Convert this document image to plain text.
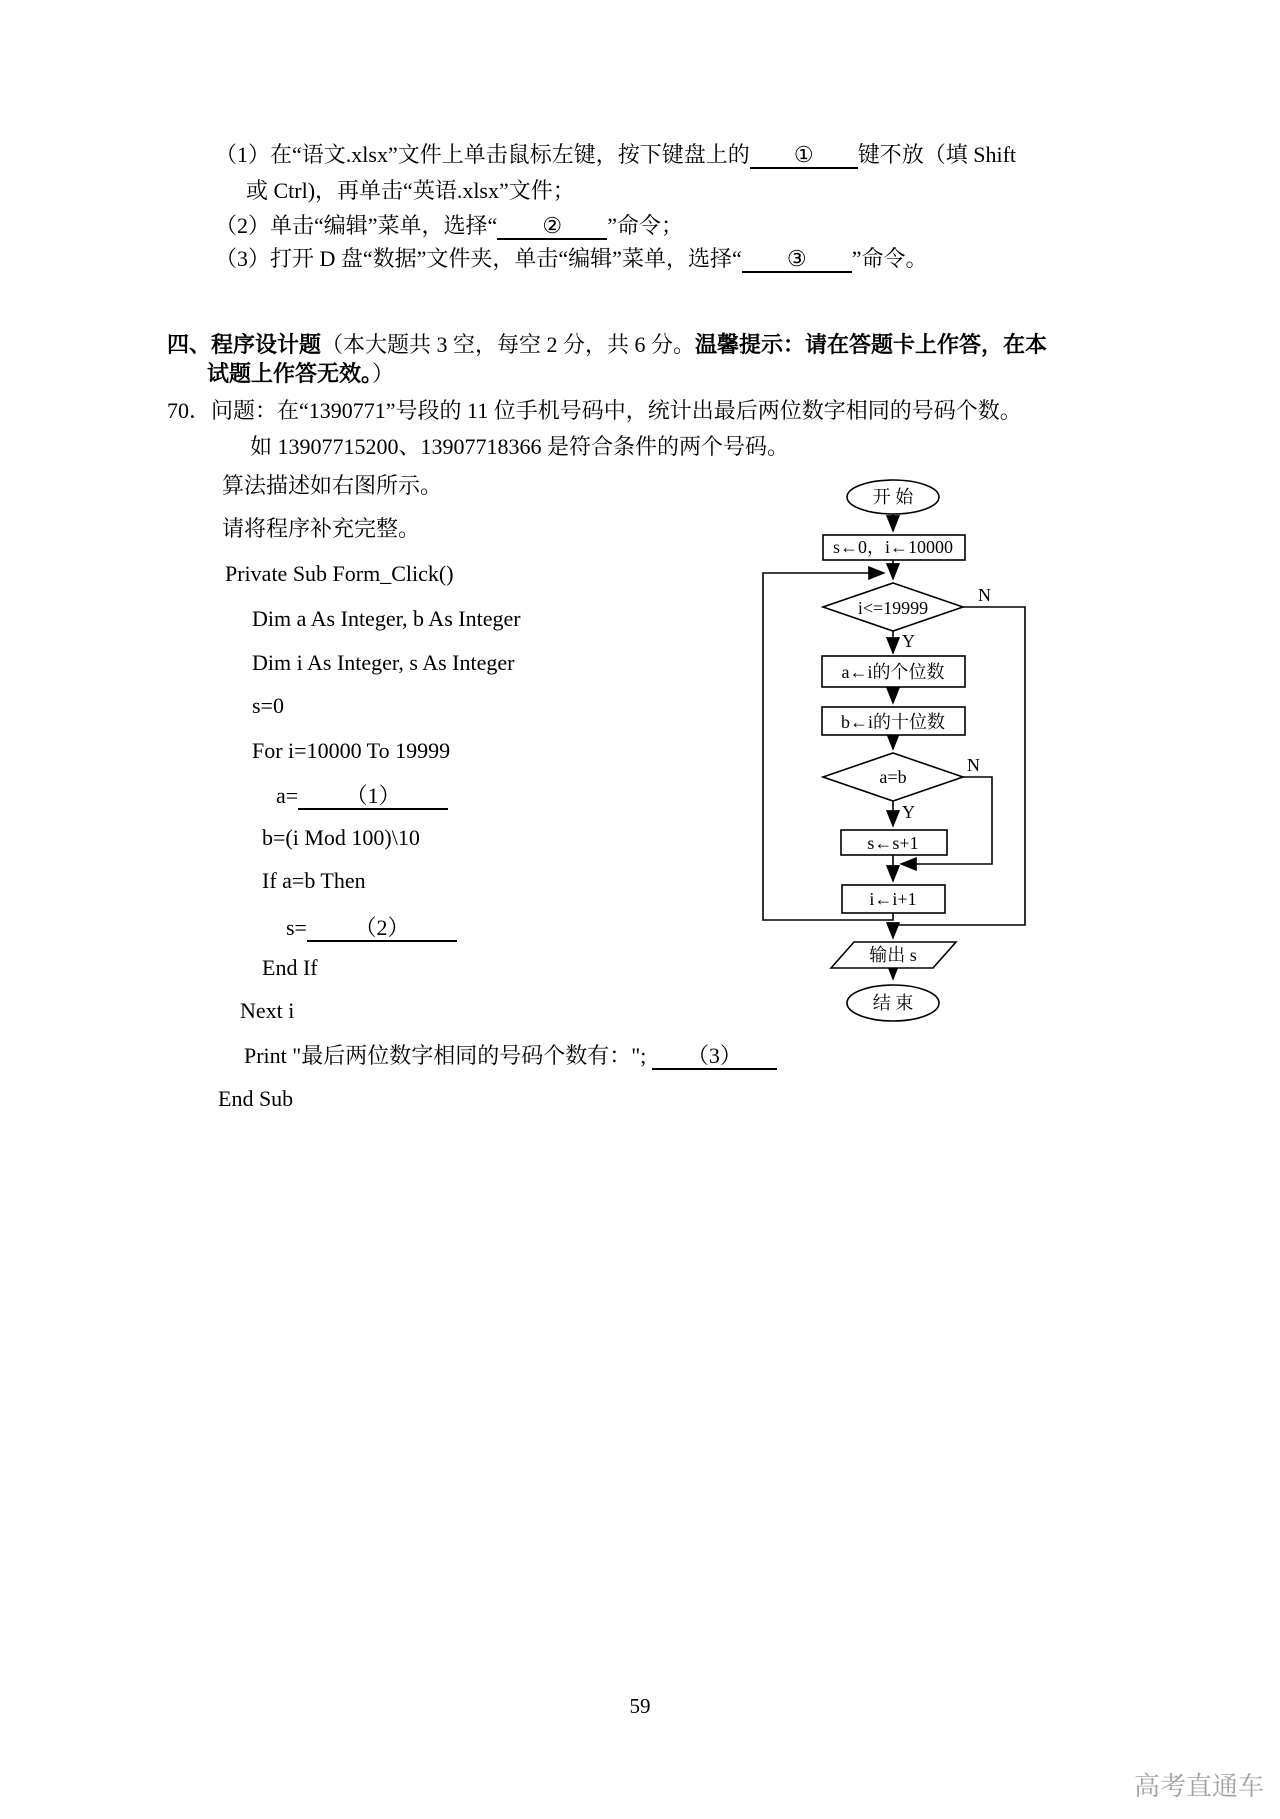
（1）在“语文.xlsx”文件上单击鼠标左键，按下键盘上的 ① 键不放（填 Shift
或 Ctrl)，再单击“英语.xlsx”文件；
（2）单击“编辑”菜单，选择“ ② ”命令；
（3）打开 D 盘“数据”文件夹，单击“编辑”菜单，选择“ ③ ”命令。
四、程序设计题（本大题共 3 空，每空 2 分，共 6 分。温馨提示：请在答题卡上作答，在本
试题上作答无效。）
70．问题：在“1390771”号段的 11 位手机号码中，统计出最后两位数字相同的号码个数。
如 13907715200、13907718366 是符合条件的两个号码。
算法描述如右图所示。
请将程序补充完整。
Private Sub Form_Click()
Dim a As Integer, b As Integer
Dim i As Integer, s As Integer
s=0
For i=10000 To 19999
a= （1）
b=(i Mod 100)\10
If a=b Then
s= （2）
End If
Next i
Print "最后两位数字相同的号码个数有："; （3）
End Sub
开 始
s←0，i←10000
i<=19999
N
Y
a←i的个位数
b←i的十位数
a=b
N
Y
s←s+1
i←i+1
输出 s
结 束
59
高考直通车
